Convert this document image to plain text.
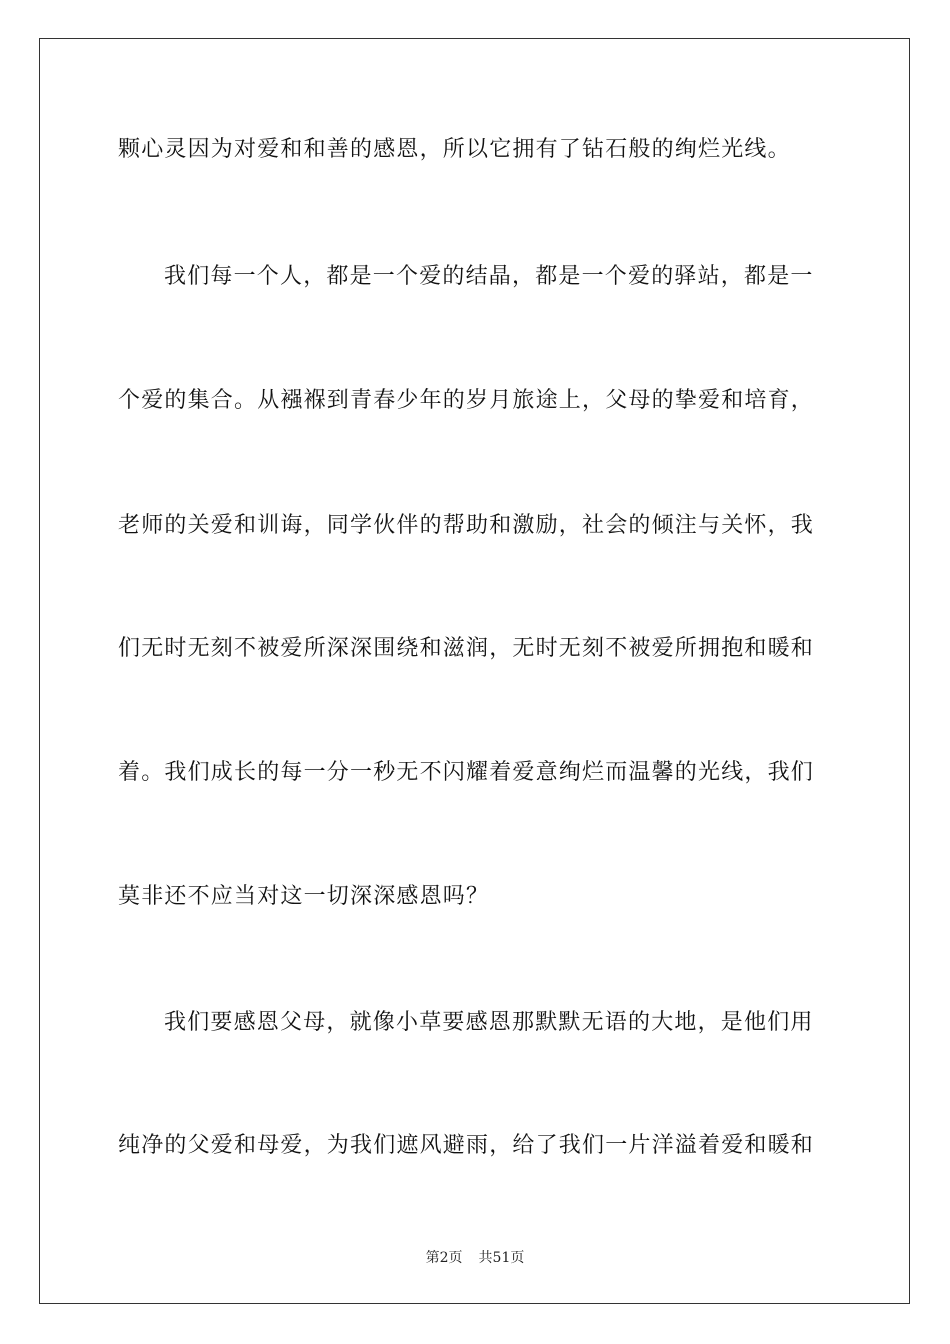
颗心灵因为对爱和和善的感恩，所以它拥有了钻石般的绚烂光线。
我们每一个人，都是一个爱的结晶，都是一个爱的驿站，都是一
个爱的集合。从襁褓到青春少年的岁月旅途上，父母的挚爱和培育，
老师的关爱和训诲，同学伙伴的帮助和激励，社会的倾注与关怀，我
们无时无刻不被爱所深深围绕和滋润，无时无刻不被爱所拥抱和暖和
着。我们成长的每一分一秒无不闪耀着爱意绚烂而温馨的光线，我们
莫非还不应当对这一切深深感恩吗？
我们要感恩父母，就像小草要感恩那默默无语的大地，是他们用
纯净的父爱和母爱，为我们遮风避雨，给了我们一片洋溢着爱和暖和
第2页 共51页
